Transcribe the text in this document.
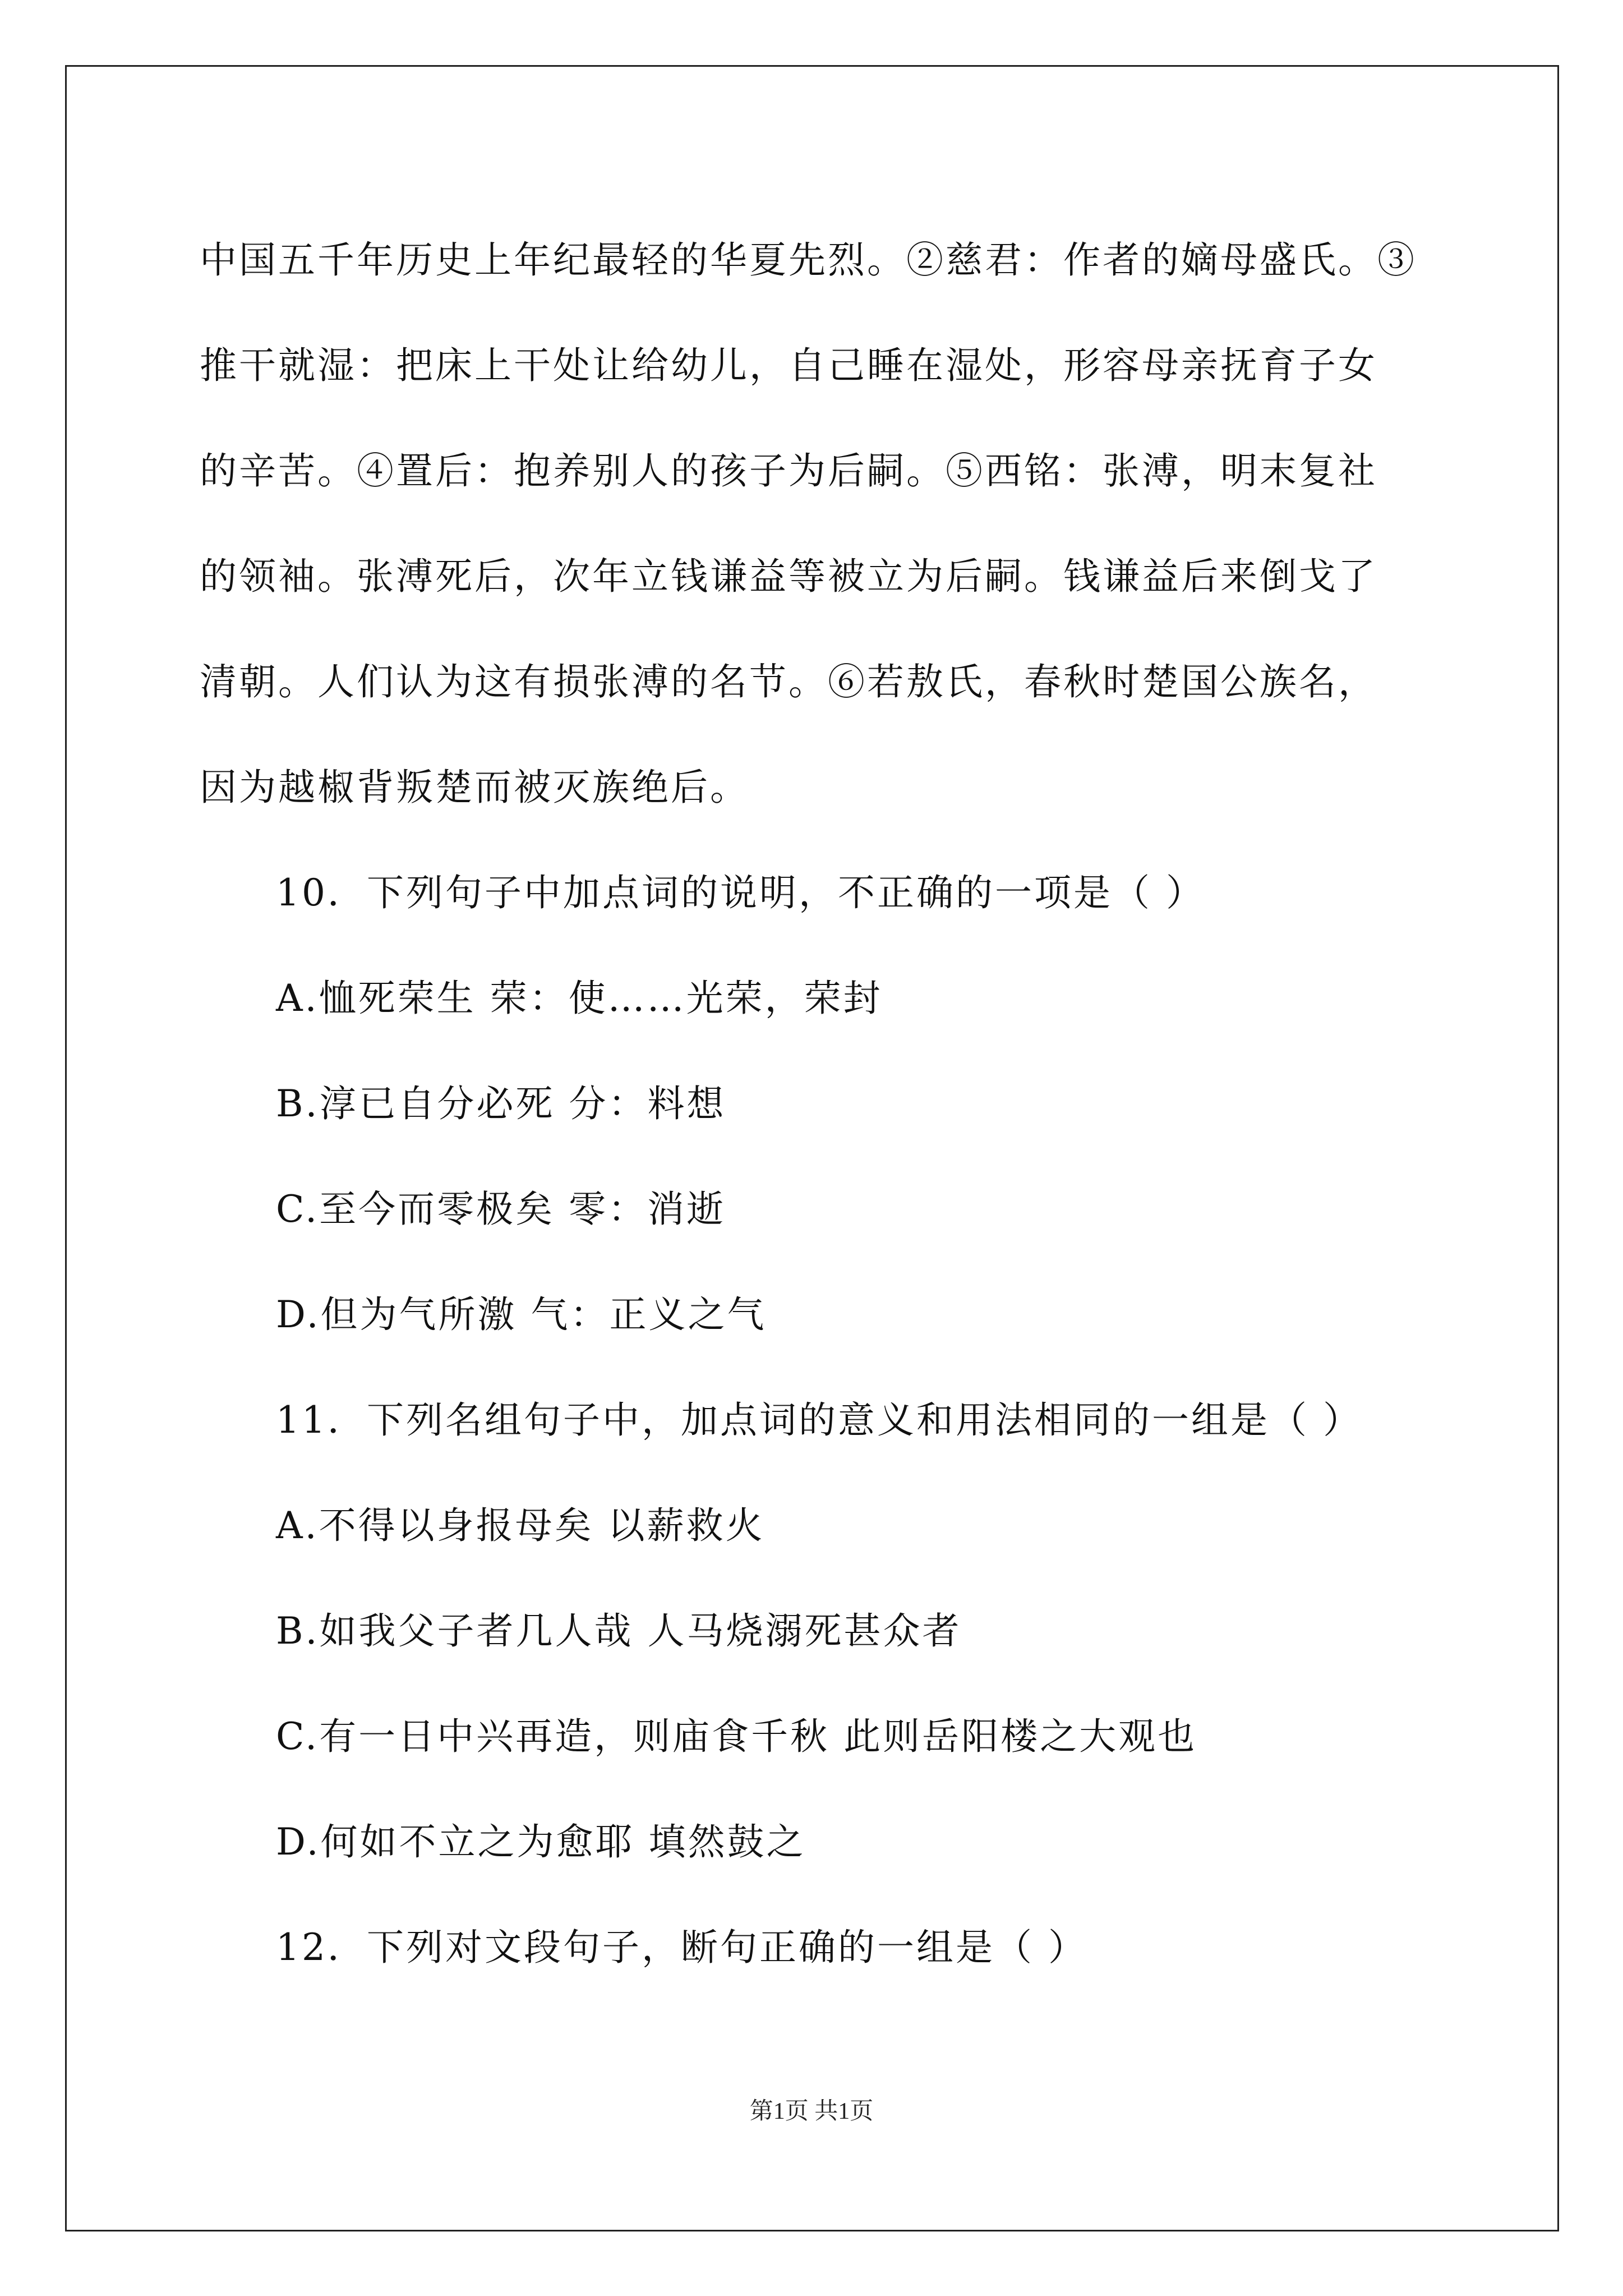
中国五千年历史上年纪最轻的华夏先烈。②慈君：作者的嫡母盛氏。③
推干就湿：把床上干处让给幼儿，自己睡在湿处，形容母亲抚育子女
的辛苦。④置后：抱养别人的孩子为后嗣。⑤西铭：张溥，明末复社
的领袖。张溥死后，次年立钱谦益等被立为后嗣。钱谦益后来倒戈了
清朝。人们认为这有损张溥的名节。⑥若敖氏，春秋时楚国公族名，
因为越椒背叛楚而被灭族绝后。
10．下列句子中加点词的说明，不正确的一项是（ ）
A.恤死荣生 荣：使……光荣，荣封
B.淳已自分必死 分：料想
C.至今而零极矣 零：消逝
D.但为气所激 气：正义之气
11．下列名组句子中，加点词的意义和用法相同的一组是（ ）
A.不得以身报母矣 以薪救火
B.如我父子者几人哉 人马烧溺死甚众者
C.有一日中兴再造，则庙食千秋 此则岳阳楼之大观也
D.何如不立之为愈耶 填然鼓之
12．下列对文段句子，断句正确的一组是（ ）
第1页 共1页
